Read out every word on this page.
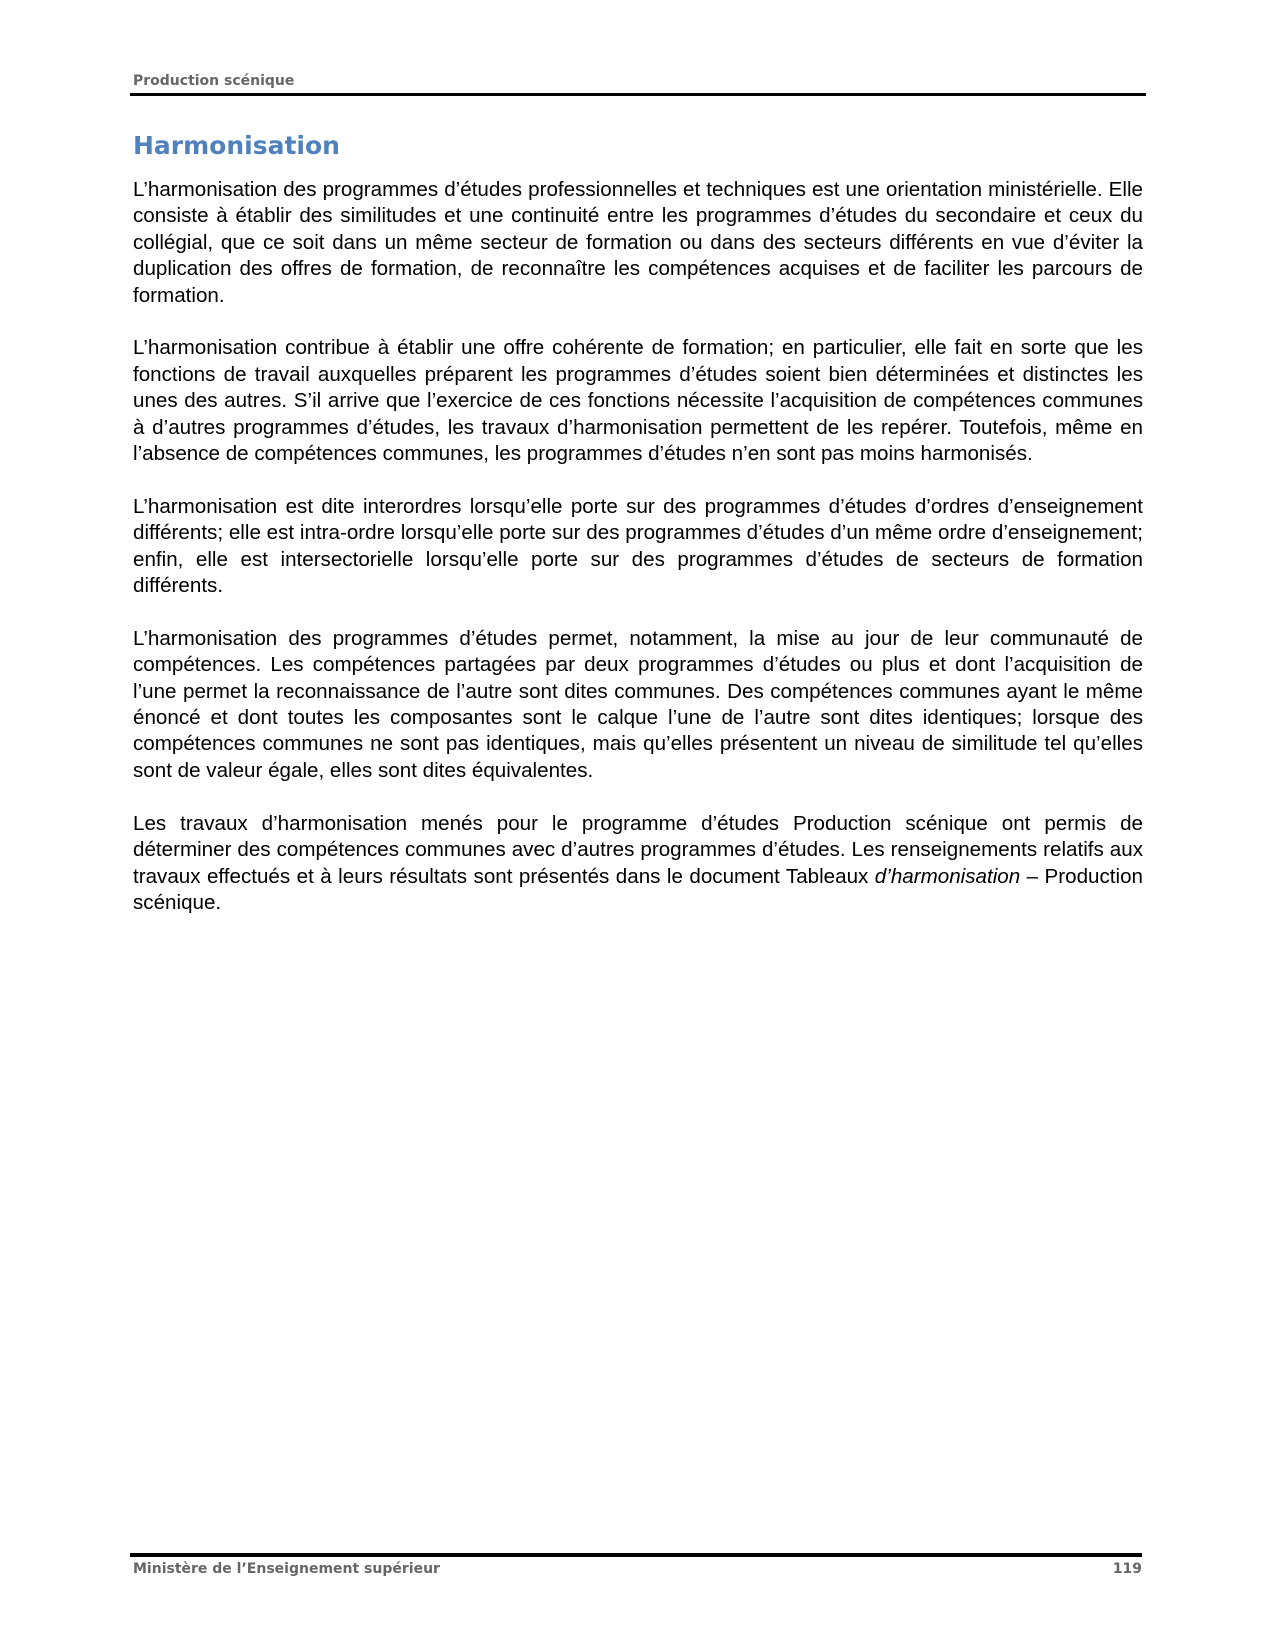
Production scénique
Harmonisation

L’harmonisation des programmes d’études professionnelles et techniques est une orientation ministérielle. Elle consiste à établir des similitudes et une continuité entre les programmes d’études du secondaire et ceux du collégial, que ce soit dans un même secteur de formation ou dans des secteurs différents en vue d’éviter la duplication des offres de formation, de reconnaître les compétences acquises et de faciliter les parcours de formation.

L’harmonisation contribue à établir une offre cohérente de formation; en particulier, elle fait en sorte que les fonctions de travail auxquelles préparent les programmes d’études soient bien déterminées et distinctes les unes des autres. S’il arrive que l’exercice de ces fonctions nécessite l’acquisition de compétences communes à d’autres programmes d’études, les travaux d’harmonisation permettent de les repérer. Toutefois, même en l’absence de compétences communes, les programmes d’études n’en sont pas moins harmonisés.

L’harmonisation est dite interordres lorsqu’elle porte sur des programmes d’études d’ordres d’enseignement différents; elle est intra-ordre lorsqu’elle porte sur des programmes d’études d’un même ordre d’enseignement; enfin, elle est intersectorielle lorsqu’elle porte sur des programmes d’études de secteurs de formation différents.

L’harmonisation des programmes d’études permet, notamment, la mise au jour de leur communauté de compétences. Les compétences partagées par deux programmes d’études ou plus et dont l’acquisition de l’une permet la reconnaissance de l’autre sont dites communes. Des compétences communes ayant le même énoncé et dont toutes les composantes sont le calque l’une de l’autre sont dites identiques; lorsque des compétences communes ne sont pas identiques, mais qu’elles présentent un niveau de similitude tel qu’elles sont de valeur égale, elles sont dites équivalentes.

Les travaux d’harmonisation menés pour le programme d’études Production scénique ont permis de déterminer des compétences communes avec d’autres programmes d’études. Les renseignements relatifs aux travaux effectués et à leurs résultats sont présentés dans le document Tableaux d’harmonisation – Production scénique.

Ministère de l’Enseignement supérieur	119
